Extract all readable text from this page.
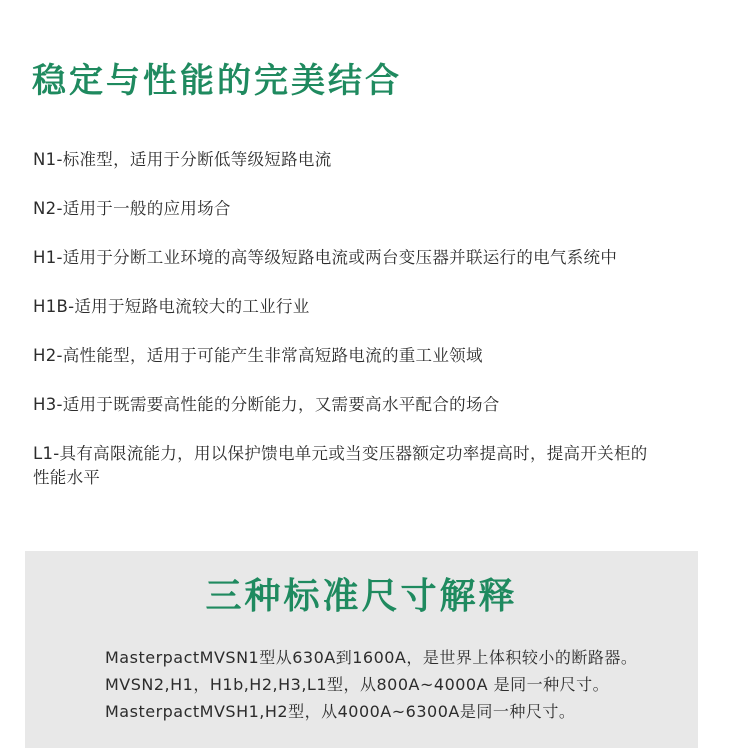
稳定与性能的完美结合
N1-标准型，适用于分断低等级短路电流
N2-适用于一般的应用场合
H1-适用于分断工业环境的高等级短路电流或两台变压器并联运行的电气系统中
H1B-适用于短路电流较大的工业行业
H2-高性能型，适用于可能产生非常高短路电流的重工业领域
H3-适用于既需要高性能的分断能力，又需要高水平配合的场合
L1-具有高限流能力，用以保护馈电单元或当变压器额定功率提高时，提高开关柜的性能水平
三种标准尺寸解释
MasterpactMVSN1型从630A到1600A，是世界上体积较小的断路器。
MVSN2,H1，H1b,H2,H3,L1型，从800A~4000A 是同一种尺寸。
MasterpactMVSH1,H2型，从4000A~6300A是同一种尺寸。
